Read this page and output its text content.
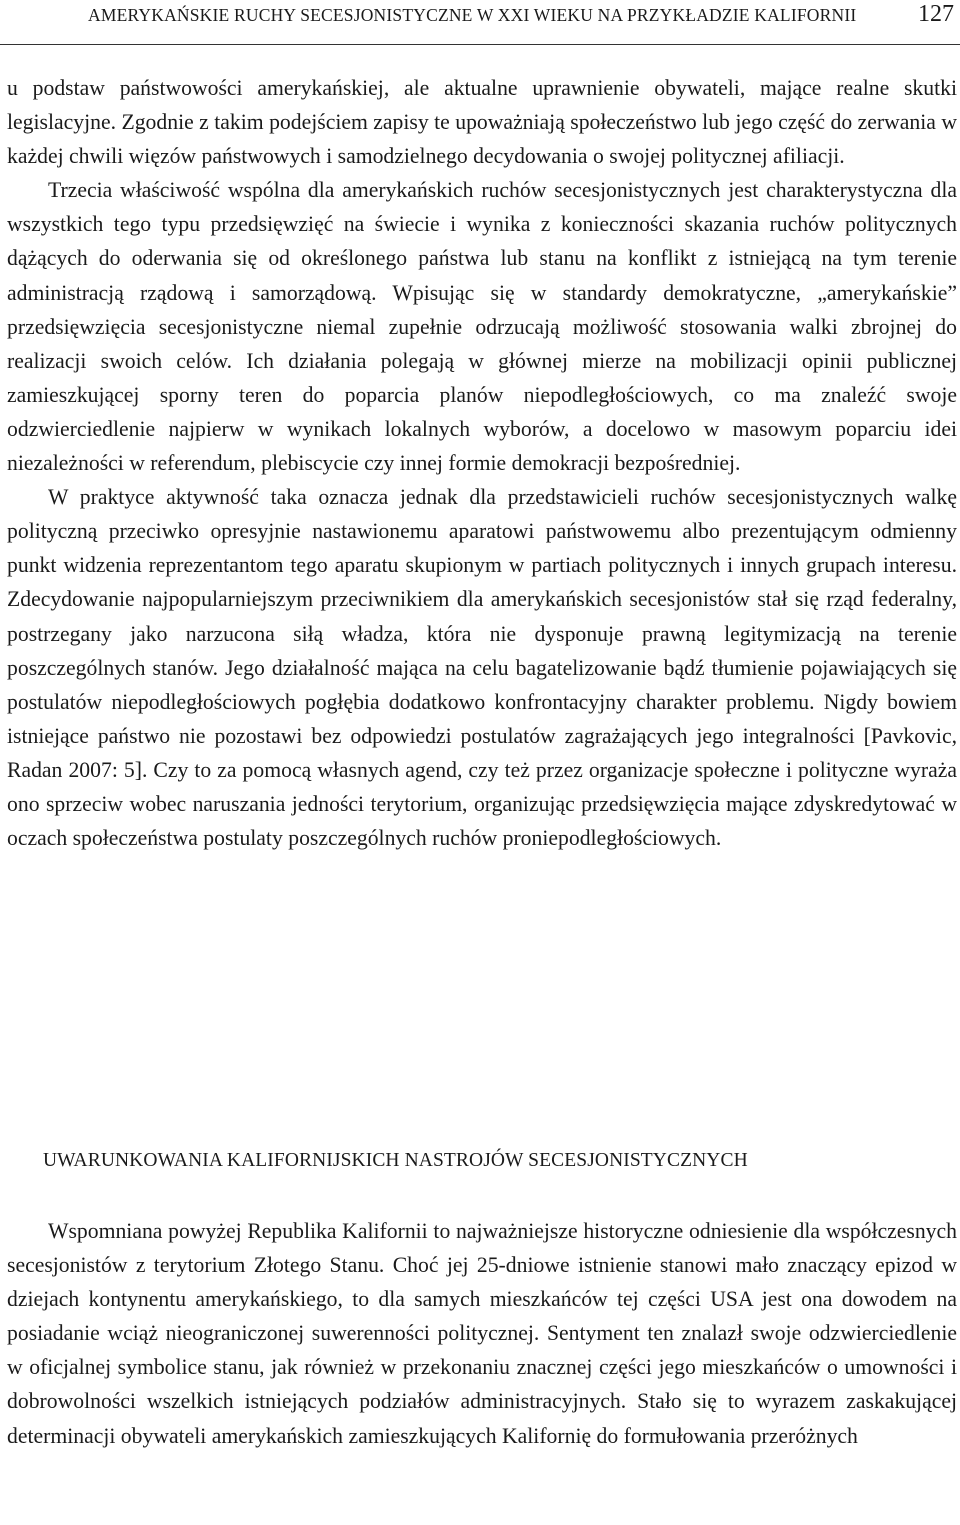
AMERYKAŃSKIE RUCHY SECESJONISTYCZNE W XXI WIEKU NA PRZYKŁADZIE KALIFORNII	127

u podstaw państwowości amerykańskiej, ale aktualne uprawnienie obywateli, mające realne skutki legislacyjne. Zgodnie z takim podejściem zapisy te upoważniają społeczeństwo lub jego część do zerwania w każdej chwili więzów państwowych i samodzielnego decydowania o swojej politycznej afiliacji.

Trzecia właściwość wspólna dla amerykańskich ruchów secesjonistycznych jest charakterystyczna dla wszystkich tego typu przedsięwzięć na świecie i wynika z konieczności skazania ruchów politycznych dążących do oderwania się od określonego państwa lub stanu na konflikt z istniejącą na tym terenie administracją rządową i samorządową. Wpisując się w standardy demokratyczne, „amerykańskie” przedsięwzięcia secesjonistyczne niemal zupełnie odrzucają możliwość stosowania walki zbrojnej do realizacji swoich celów. Ich działania polegają w głównej mierze na mobilizacji opinii publicznej zamieszkującej sporny teren do poparcia planów niepodległościowych, co ma znaleźć swoje odzwierciedlenie najpierw w wynikach lokalnych wyborów, a docelowo w masowym poparciu idei niezależności w referendum, plebiscycie czy innej formie demokracji bezpośredniej.

W praktyce aktywność taka oznacza jednak dla przedstawicieli ruchów secesjonistycznych walkę polityczną przeciwko opresyjnie nastawionemu aparatowi państwowemu albo prezentującym odmienny punkt widzenia reprezentantom tego aparatu skupionym w partiach politycznych i innych grupach interesu. Zdecydowanie najpopularniejszym przeciwnikiem dla amerykańskich secesjonistów stał się rząd federalny, postrzegany jako narzucona siłą władza, która nie dysponuje prawną legitymizacją na terenie poszczególnych stanów. Jego działalność mająca na celu bagatelizowanie bądź tłumienie pojawiających się postulatów niepodległościowych pogłębia dodatkowo konfrontacyjny charakter problemu. Nigdy bowiem istniejące państwo nie pozostawi bez odpowiedzi postulatów zagrażających jego integralności [Pavkovic, Radan 2007: 5]. Czy to za pomocą własnych agend, czy też przez organizacje społeczne i polityczne wyraża ono sprzeciw wobec naruszania jedności terytorium, organizując przedsięwzięcia mające zdyskredytować w oczach społeczeństwa postulaty poszczególnych ruchów proniepodległościowych.

UWARUNKOWANIA KALIFORNIJSKICH NASTROJÓW SECESJONISTYCZNYCH

Wspomniana powyżej Republika Kalifornii to najważniejsze historyczne odniesienie dla współczesnych secesjonistów z terytorium Złotego Stanu. Choć jej 25-dniowe istnienie stanowi mało znaczący epizod w dziejach kontynentu amerykańskiego, to dla samych mieszkańców tej części USA jest ona dowodem na posiadanie wciąż nieograniczonej suwerenności politycznej. Sentyment ten znalazł swoje odzwierciedlenie w oficjalnej symbolice stanu, jak również w przekonaniu znacznej części jego mieszkańców o umowności i dobrowolności wszelkich istniejących podziałów administracyjnych. Stało się to wyrazem zaskakującej determinacji obywateli amerykańskich zamieszkujących Kalifornię do formułowania przeróżnych
